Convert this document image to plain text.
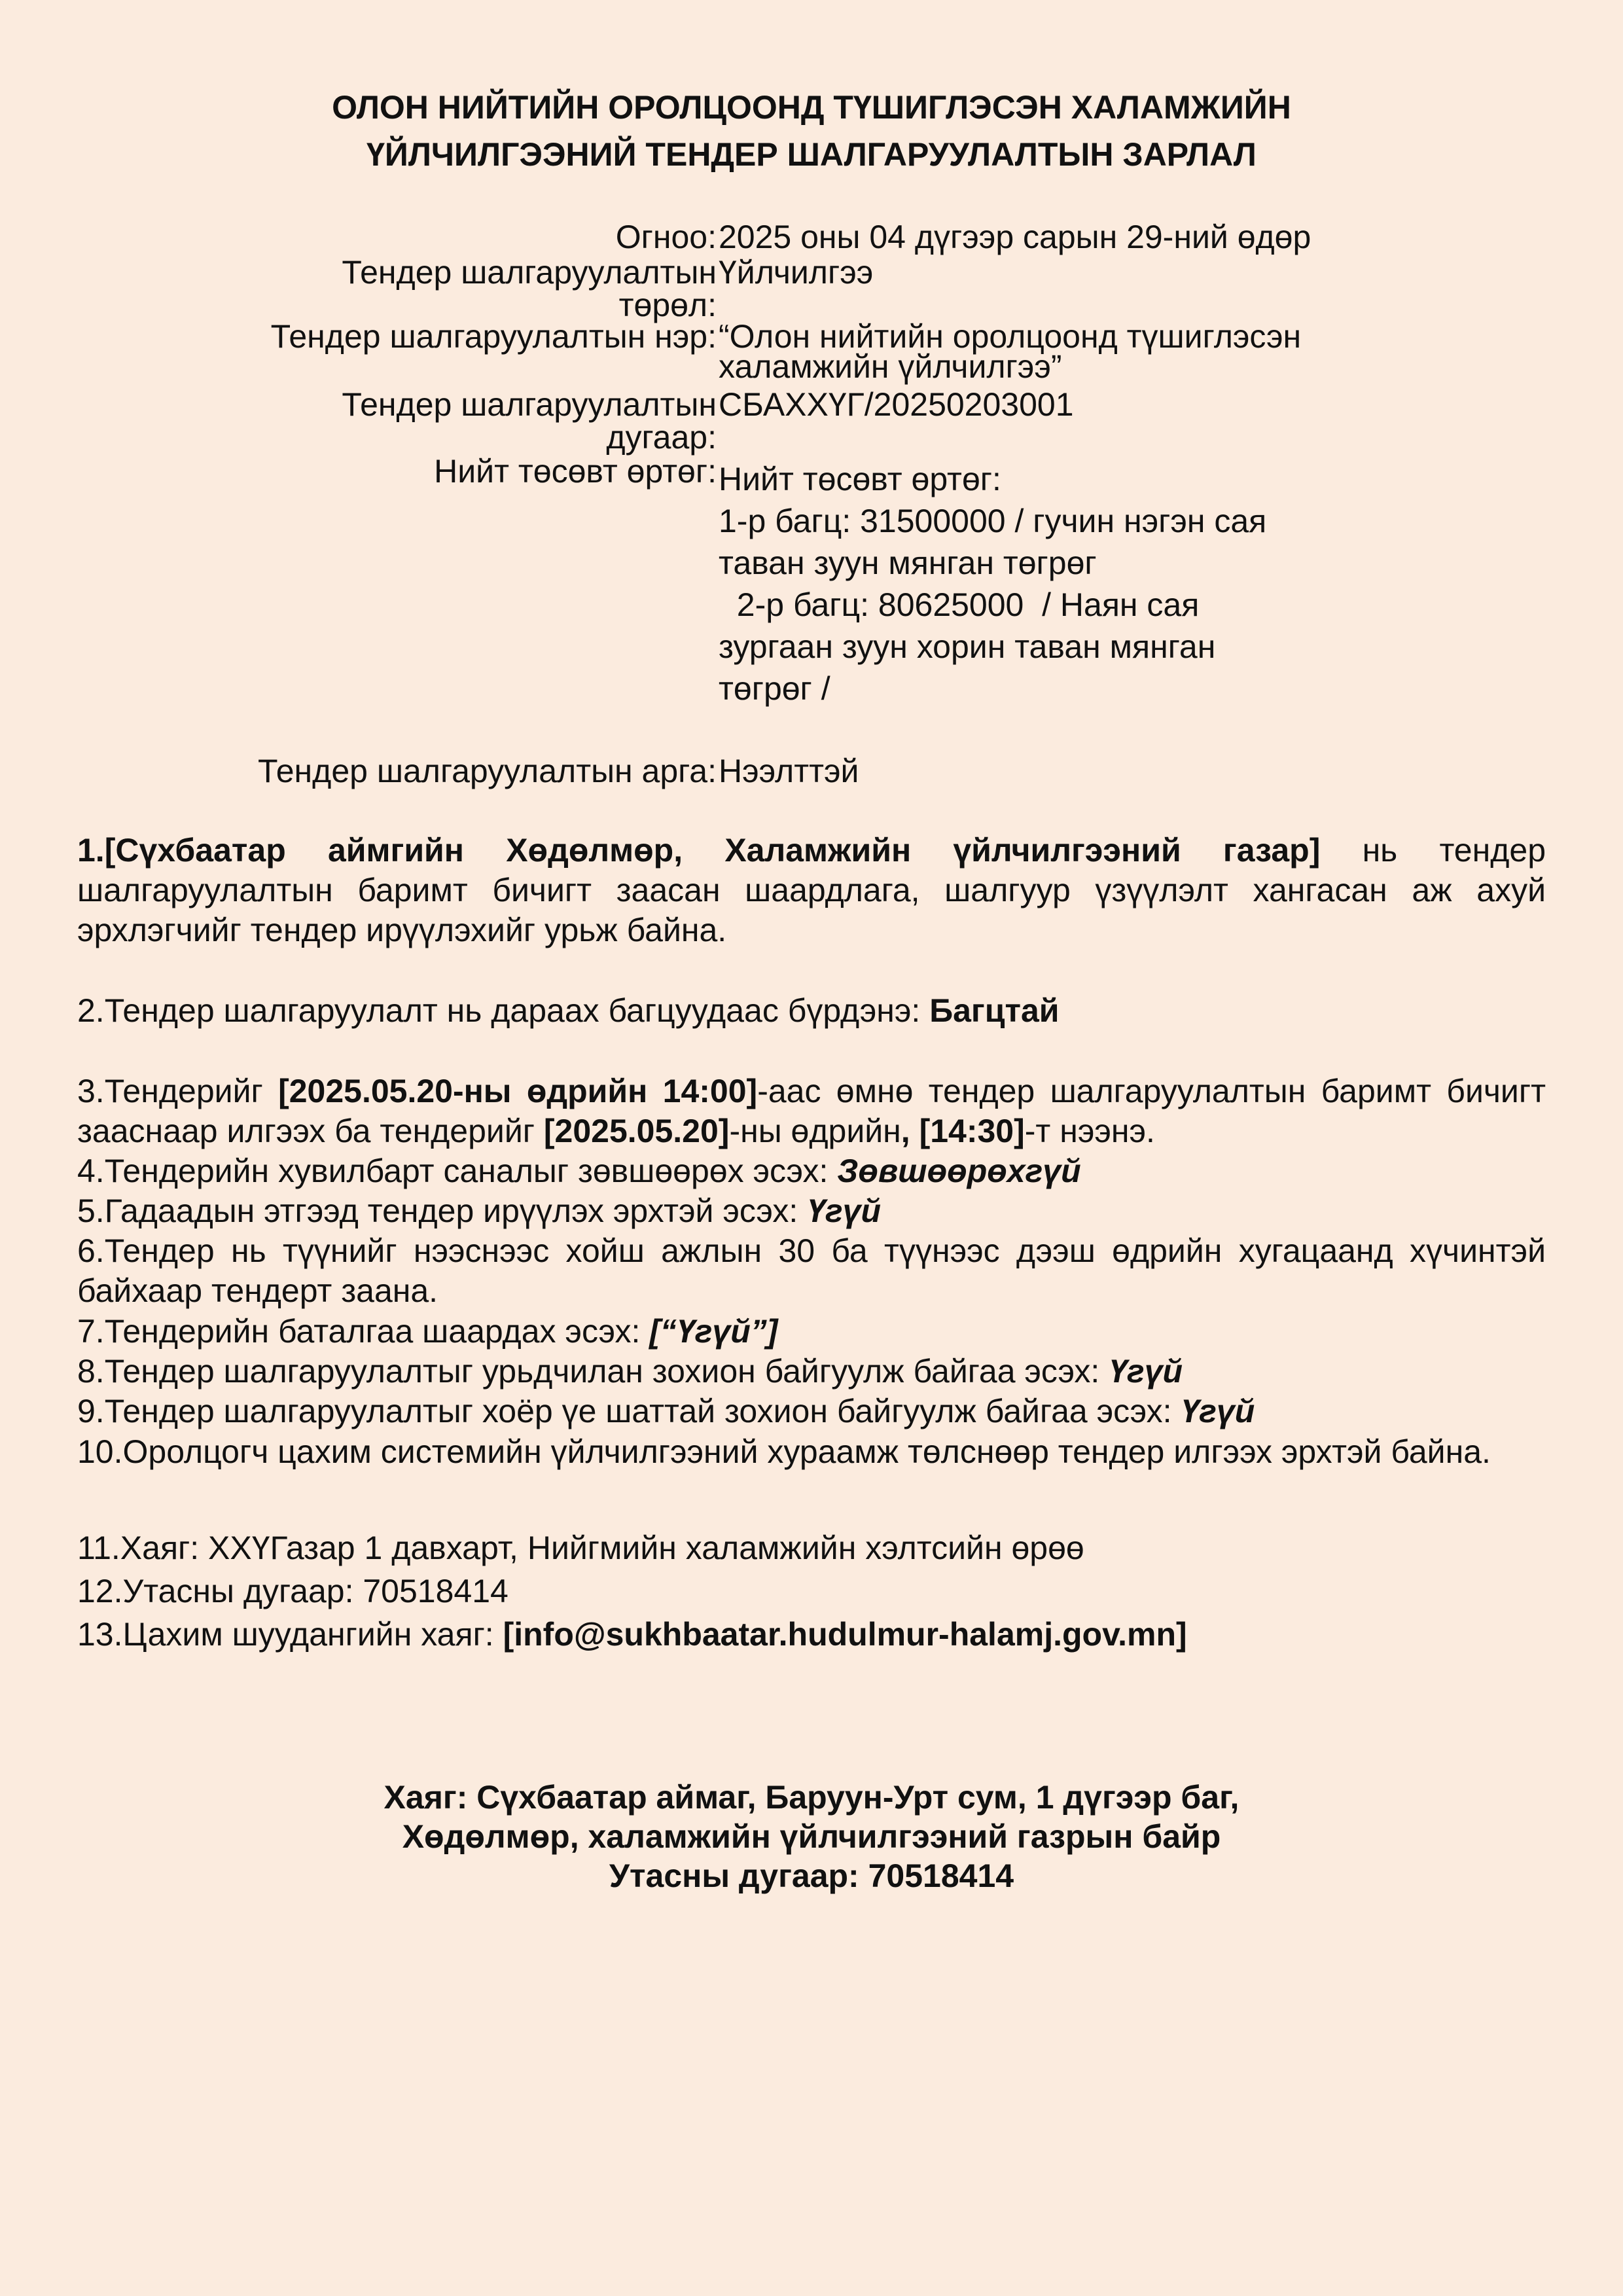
ОЛОН НИЙТИЙН ОРОЛЦООНД ТҮШИГЛЭСЭН ХАЛАМЖИЙН
ҮЙЛЧИЛГЭЭНИЙ ТЕНДЕР ШАЛГАРУУЛАЛТЫН ЗАРЛАЛ
Огноо: 2025 оны 04 дүгээр сарын 29-ний өдөр
Тендер шалгаруулалтын Үйлчилгээ
төрөл:
Тендер шалгаруулалтын нэр: “Олон нийтийн оролцоонд түшиглэсэн
халамжийн үйлчилгээ”
Тендер шалгаруулалтын СБАХХҮГ/20250203001
дугаар:
Нийт төсөвт өртөг: Нийт төсөвт өртөг:
1-р багц: 31500000 / гучин нэгэн сая
таван зуун мянган төгрөг
2-р багц: 80625000  / Наян сая
зургаан зуун хорин таван мянган
төгрөг /
Тендер шалгаруулалтын арга: Нээлттэй
1.[Сүхбаатар аймгийн Хөдөлмөр, Халамжийн үйлчилгээний газар] нь тендер шалгаруулалтын баримт бичигт заасан шаардлага, шалгуур үзүүлэлт хангасан аж ахуй эрхлэгчийг тендер ирүүлэхийг урьж байна.
2.Тендер шалгаруулалт нь дараах багцуудаас бүрдэнэ: Багцтай
3.Тендерийг [2025.05.20-ны өдрийн 14:00]-аас өмнө тендер шалгаруулалтын баримт бичигт зааснаар илгээх ба тендерийг [2025.05.20]-ны өдрийн, [14:30]-т нээнэ.
4.Тендерийн хувилбарт саналыг зөвшөөрөх эсэх: Зөвшөөрөхгүй
5.Гадаадын этгээд тендер ирүүлэх эрхтэй эсэх: Үгүй
6.Тендер нь түүнийг нээснээс хойш ажлын 30 ба түүнээс дээш өдрийн хугацаанд хүчинтэй байхаар тендерт заана.
7.Тендерийн баталгаа шаардах эсэх: [“Үгүй”]
8.Тендер шалгаруулалтыг урьдчилан зохион байгуулж байгаа эсэх: Үгүй
9.Тендер шалгаруулалтыг хоёр үе шаттай зохион байгуулж байгаа эсэх: Үгүй
10.Оролцогч цахим системийн үйлчилгээний хураамж төлснөөр тендер илгээх эрхтэй байна.
11.Хаяг: ХХҮГазар 1 давхарт, Нийгмийн халамжийн хэлтсийн өрөө
12.Утасны дугаар: 70518414
13.Цахим шуудангийн хаяг: [info@sukhbaatar.hudulmur-halamj.gov.mn]
Хаяг: Сүхбаатар аймаг, Баруун-Урт сум, 1 дүгээр баг,
Хөдөлмөр, халамжийн үйлчилгээний газрын байр
Утасны дугаар: 70518414
